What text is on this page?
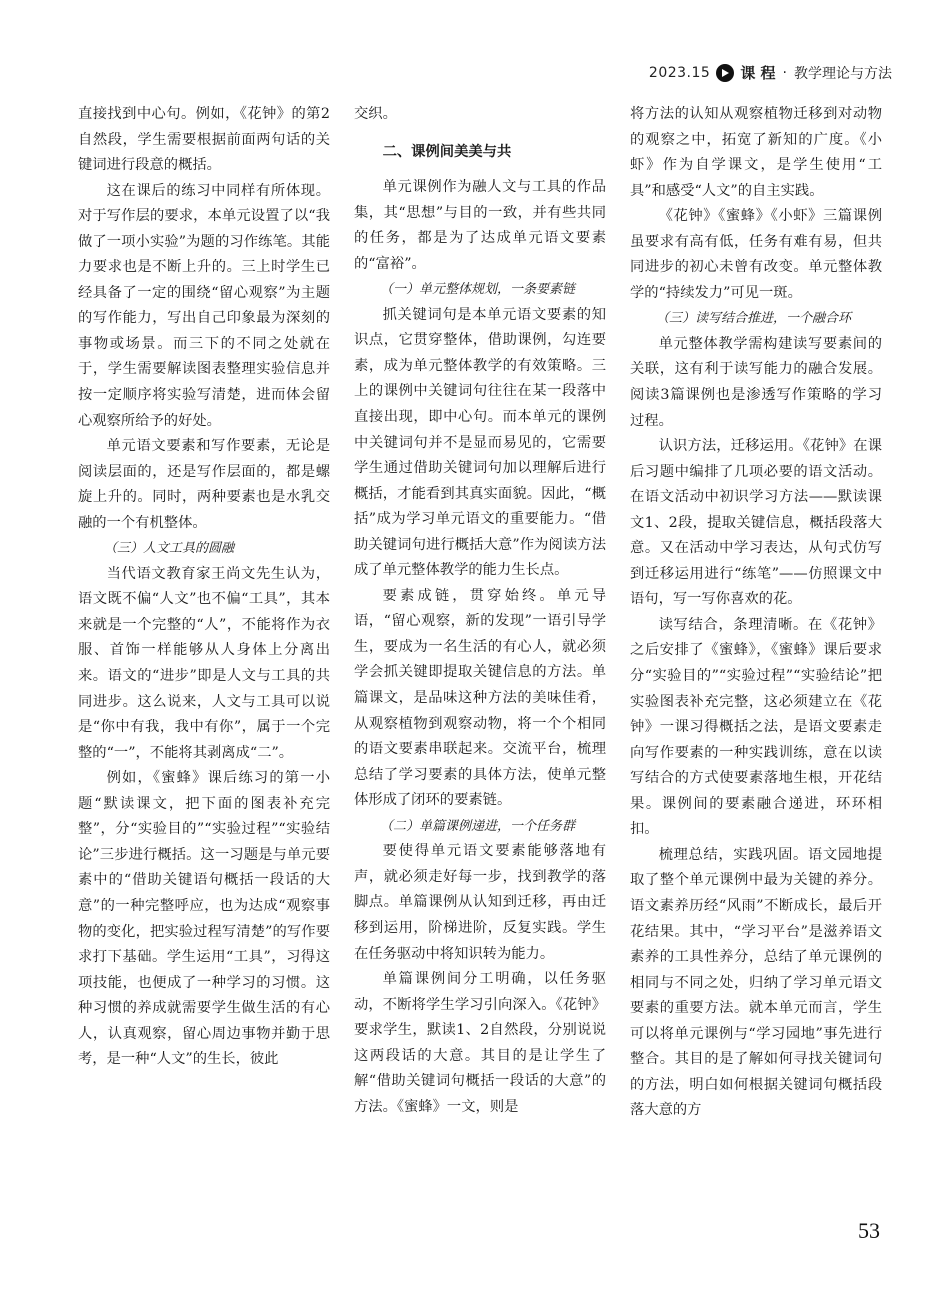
2023.15 课 程 · 教学理论与方法

直接找到中心句。例如，《花钟》的第2自然段，学生需要根据前面两句话的关键词进行段意的概括。

这在课后的练习中同样有所体现。对于写作层的要求，本单元设置了以“我做了一项小实验”为题的习作练笔。其能力要求也是不断上升的。三上时学生已经具备了一定的围绕“留心观察”为主题的写作能力，写出自己印象最为深刻的事物或场景。而三下的不同之处就在于，学生需要解读图表整理实验信息并按一定顺序将实验写清楚，进而体会留心观察所给予的好处。

单元语文要素和写作要素，无论是阅读层面的，还是写作层面的，都是螺旋上升的。同时，两种要素也是水乳交融的一个有机整体。

（三）人文工具的圆融

当代语文教育家王尚文先生认为，语文既不偏“人文”也不偏“工具”，其本来就是一个完整的“人”，不能将作为衣服、首饰一样能够从人身体上分离出来。语文的“进步”即是人文与工具的共同进步。这么说来，人文与工具可以说是“你中有我，我中有你”，属于一个完整的“一”，不能将其剥离成“二”。

例如，《蜜蜂》课后练习的第一小题“默读课文，把下面的图表补充完整”，分“实验目的”“实验过程”“实验结论”三步进行概括。这一习题是与单元要素中的“借助关键语句概括一段话的大意”的一种完整呼应，也为达成“观察事物的变化，把实验过程写清楚”的写作要求打下基础。学生运用“工具”，习得这项技能，也便成了一种学习的习惯。这种习惯的养成就需要学生做生活的有心人，认真观察，留心周边事物并勤于思考，是一种“人文”的生长，彼此

交织。

二、课例间美美与共

单元课例作为融人文与工具的作品集，其“思想”与目的一致，并有些共同的任务，都是为了达成单元语文要素的“富裕”。

（一）单元整体规划，一条要素链

抓关键词句是本单元语文要素的知识点，它贯穿整体，借助课例，勾连要素，成为单元整体教学的有效策略。三上的课例中关键词句往往在某一段落中直接出现，即中心句。而本单元的课例中关键词句并不是显而易见的，它需要学生通过借助关键词句加以理解后进行概括，才能看到其真实面貌。因此，“概括”成为学习单元语文的重要能力。“借助关键词句进行概括大意”作为阅读方法成了单元整体教学的能力生长点。

要素成链，贯穿始终。单元导语，“留心观察，新的发现”一语引导学生，要成为一名生活的有心人，就必须学会抓关键即提取关键信息的方法。单篇课文，是品味这种方法的美味佳肴，从观察植物到观察动物，将一个个相同的语文要素串联起来。交流平台，梳理总结了学习要素的具体方法，使单元整体形成了闭环的要素链。

（二）单篇课例递进，一个任务群

要使得单元语文要素能够落地有声，就必须走好每一步，找到教学的落脚点。单篇课例从认知到迁移，再由迁移到运用，阶梯进阶，反复实践。学生在任务驱动中将知识转为能力。

单篇课例间分工明确，以任务驱动，不断将学生学习引向深入。《花钟》要求学生，默读1、2自然段，分别说说这两段话的大意。其目的是让学生了解“借助关键词句概括一段话的大意”的方法。《蜜蜂》一文，则是

将方法的认知从观察植物迁移到对动物的观察之中，拓宽了新知的广度。《小虾》作为自学课文，是学生使用“工具”和感受“人文”的自主实践。

《花钟》《蜜蜂》《小虾》三篇课例虽要求有高有低，任务有难有易，但共同进步的初心未曾有改变。单元整体教学的“持续发力”可见一斑。

（三）读写结合推进，一个融合环

单元整体教学需构建读写要素间的关联，这有利于读写能力的融合发展。阅读3篇课例也是渗透写作策略的学习过程。

认识方法，迁移运用。《花钟》在课后习题中编排了几项必要的语文活动。在语文活动中初识学习方法——默读课文1、2段，提取关键信息，概括段落大意。又在活动中学习表达，从句式仿写到迁移运用进行“练笔”——仿照课文中语句，写一写你喜欢的花。

读写结合，条理清晰。在《花钟》之后安排了《蜜蜂》，《蜜蜂》课后要求分“实验目的”“实验过程”“实验结论”把实验图表补充完整，这必须建立在《花钟》一课习得概括之法，是语文要素走向写作要素的一种实践训练，意在以读写结合的方式使要素落地生根，开花结果。课例间的要素融合递进，环环相扣。

梳理总结，实践巩固。语文园地提取了整个单元课例中最为关键的养分。语文素养历经“风雨”不断成长，最后开花结果。其中，“学习平台”是滋养语文素养的工具性养分，总结了单元课例的相同与不同之处，归纳了学习单元语文要素的重要方法。就本单元而言，学生可以将单元课例与“学习园地”事先进行整合。其目的是了解如何寻找关键词句的方法，明白如何根据关键词句概括段落大意的方

53
